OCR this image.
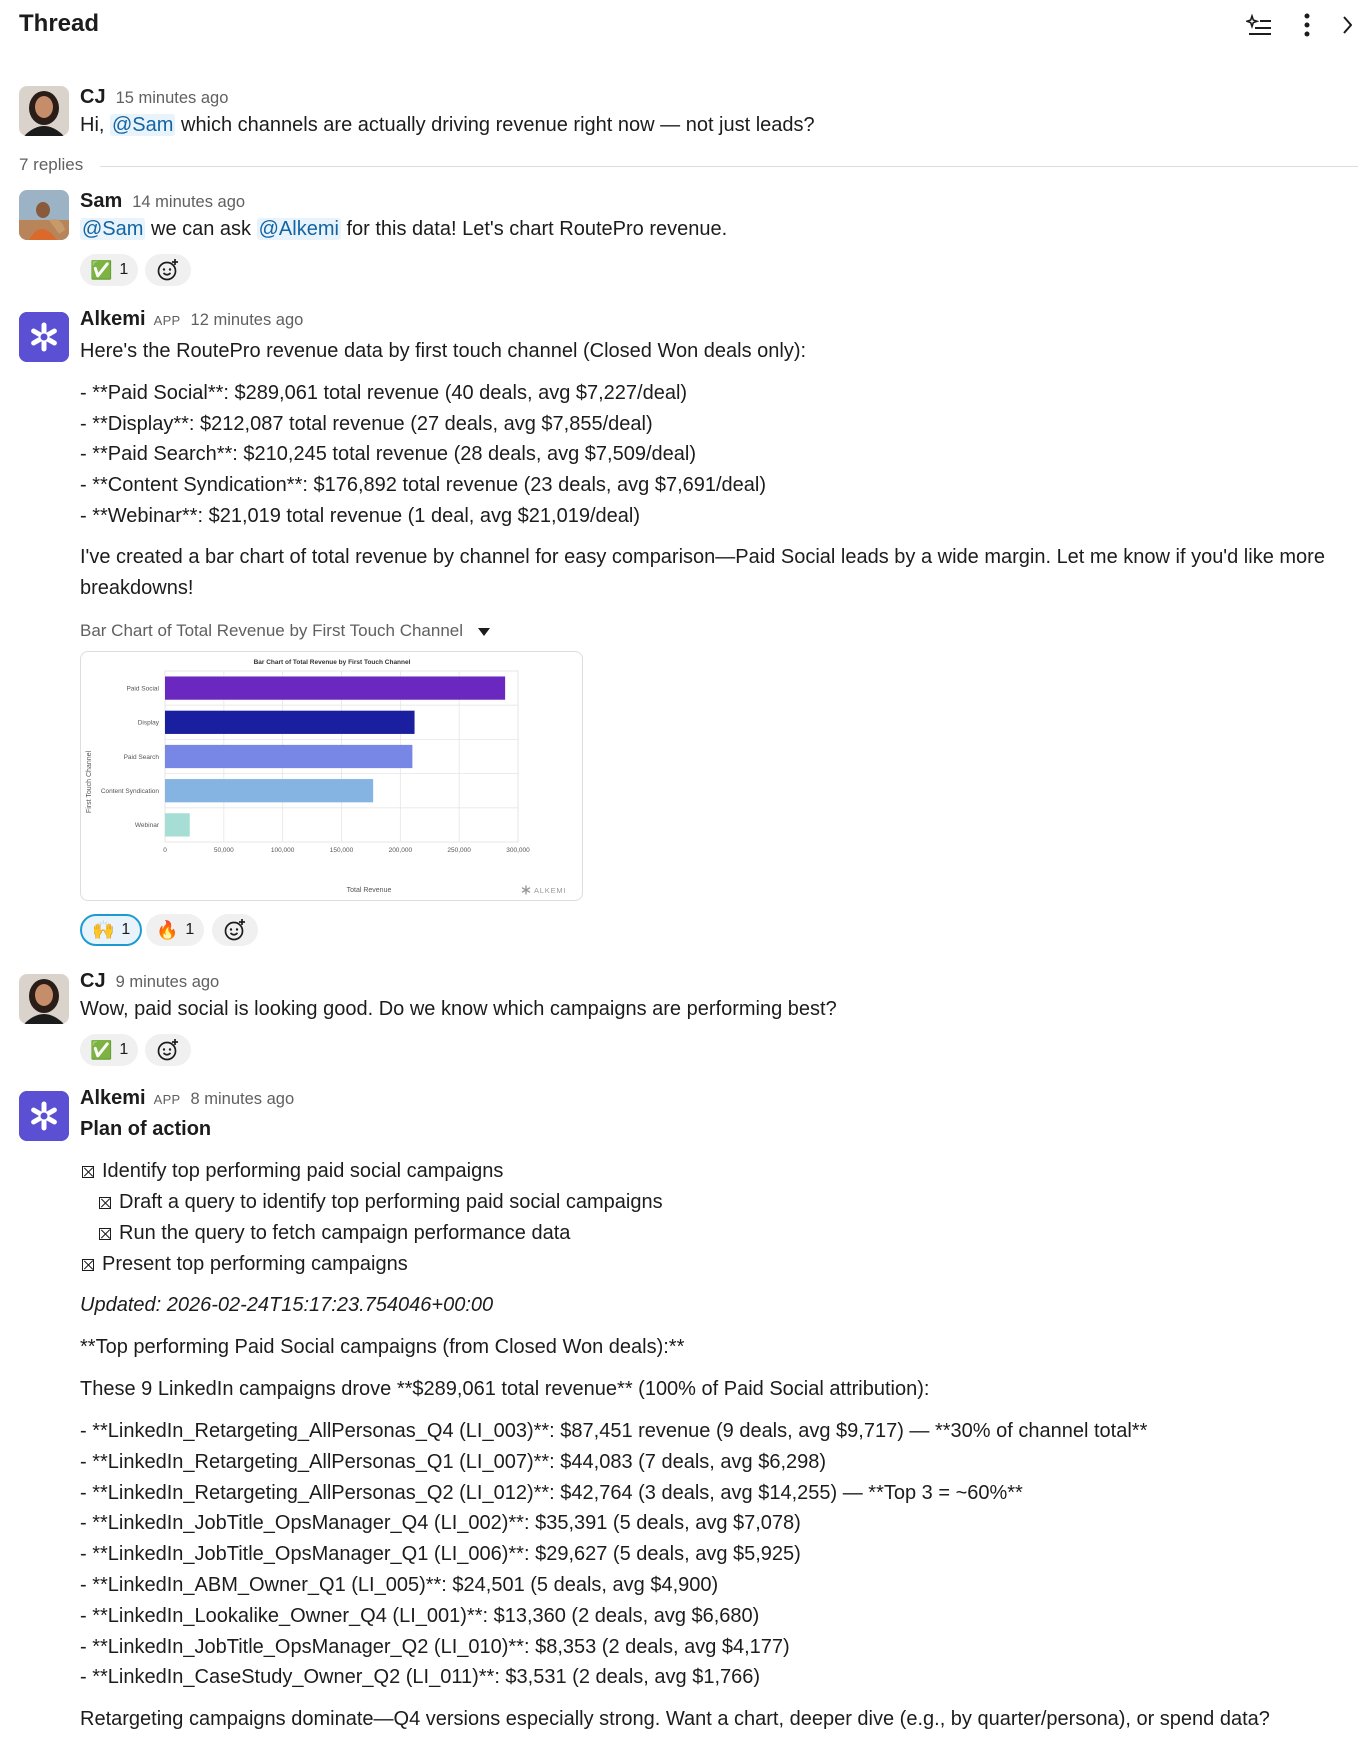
Thread
CJ 15 minutes ago
Hi, @Sam which channels are actually driving revenue right now — not just leads?
7 replies
Sam 14 minutes ago
@Sam we can ask @Alkemi for this data! Let's chart RoutePro revenue.
✅ 1
Alkemi APP 12 minutes ago
Here's the RoutePro revenue data by first touch channel (Closed Won deals only):
- **Paid Social**: $289,061 total revenue (40 deals, avg $7,227/deal)
- **Display**: $212,087 total revenue (27 deals, avg $7,855/deal)
- **Paid Search**: $210,245 total revenue (28 deals, avg $7,509/deal)
- **Content Syndication**: $176,892 total revenue (23 deals, avg $7,691/deal)
- **Webinar**: $21,019 total revenue (1 deal, avg $21,019/deal)
I've created a bar chart of total revenue by channel for easy comparison—Paid Social leads by a wide margin. Let me know if you'd like more
breakdowns!
Bar Chart of Total Revenue by First Touch Channel
Bar Chart of Total Revenue by First Touch Channel
Paid Social
Display
Paid Search
Content Syndication
Webinar
0	50,000	100,000	150,000	200,000	250,000	300,000
Total Revenue
First Touch Channel
ALKEMI
🙌 1 🔥 1
CJ 9 minutes ago
Wow, paid social is looking good. Do we know which campaigns are performing best?
✅ 1
Alkemi APP 8 minutes ago
Plan of action
Identify top performing paid social campaigns
Draft a query to identify top performing paid social campaigns
Run the query to fetch campaign performance data
Present top performing campaigns
Updated: 2026-02-24T15:17:23.754046+00:00
**Top performing Paid Social campaigns (from Closed Won deals):**
These 9 LinkedIn campaigns drove **$289,061 total revenue** (100% of Paid Social attribution):
- **LinkedIn_Retargeting_AllPersonas_Q4 (LI_003)**: $87,451 revenue (9 deals, avg $9,717) — **30% of channel total**
- **LinkedIn_Retargeting_AllPersonas_Q1 (LI_007)**: $44,083 (7 deals, avg $6,298)
- **LinkedIn_Retargeting_AllPersonas_Q2 (LI_012)**: $42,764 (3 deals, avg $14,255) — **Top 3 = ~60%**
- **LinkedIn_JobTitle_OpsManager_Q4 (LI_002)**: $35,391 (5 deals, avg $7,078)
- **LinkedIn_JobTitle_OpsManager_Q1 (LI_006)**: $29,627 (5 deals, avg $5,925)
- **LinkedIn_ABM_Owner_Q1 (LI_005)**: $24,501 (5 deals, avg $4,900)
- **LinkedIn_Lookalike_Owner_Q4 (LI_001)**: $13,360 (2 deals, avg $6,680)
- **LinkedIn_JobTitle_OpsManager_Q2 (LI_010)**: $8,353 (2 deals, avg $4,177)
- **LinkedIn_CaseStudy_Owner_Q2 (LI_011)**: $3,531 (2 deals, avg $1,766)
Retargeting campaigns dominate—Q4 versions especially strong. Want a chart, deeper dive (e.g., by quarter/persona), or spend data?
